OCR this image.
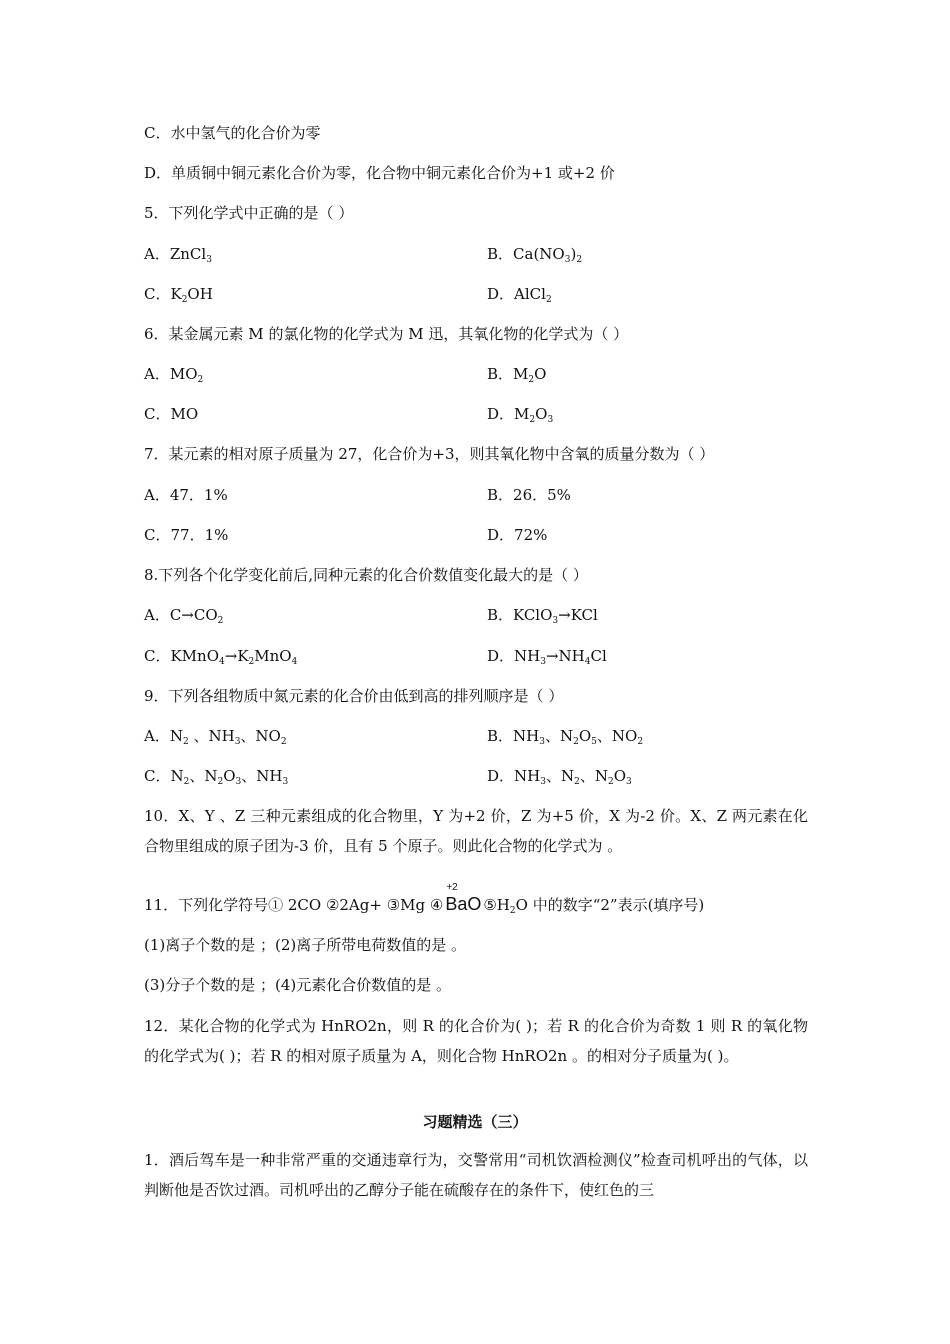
C．水中氢气的化合价为零
D．单质铜中铜元素化合价为零，化合物中铜元素化合价为+1 或+2 价
5．下列化学式中正确的是（ ）
A．ZnCl$_3$	B．$Ca(NO_3)_2$
C．$K_2OH$	D．AlCl$_2$
6．某金属元素 M 的氯化物的化学式为 M 迅，其氧化物的化学式为（ ）
A．$MO_2$	B．$M_2O$
C．MO	D．$M_2O_3$
7．某元素的相对原子质量为 27，化合价为+3，则其氧化物中含氧的质量分数为（ ）
A．47．1%	B．26．5%
C．77．1%	D．72%
8.下列各个化学变化前后,同种元素的化合价数值变化最大的是（ ）
A．$C\to CO_2$	B．KClO$_3$→KCl
C．$KMnO_4\to K_2MnO_4$	D．$NH_3\to NH_4Cl$
9．下列各组物质中氮元素的化合价由低到高的排列顺序是（ ）
A．$N_2$ 、$NH_3$、$NO_2$	B．$NH_3$、$N_2O_5$、$NO_2$
C．$N_2$、$N_2O_3$、$NH_3$	D．$NH_3$、$N_2$、$N_2O_3$
10．X、Y 、Z 三种元素组成的化合物里，Y 为+2 价，Z 为+5 价，X 为-2 价。X、Z 两元素在化合物里组成的原子团为-3 价，且有 5 个原子。则此化合物的化学式为 。
11．下列化学符号① 2CO ②2Ag+ ③Mg ④
+2
BaO $⑤H_2O$ 中的数字“2”表示(填序号)
(1)离子个数的是 ；(2)离子所带电荷数值的是 。
(3)分子个数的是 ；(4)元素化合价数值的是 。
12．某化合物的化学式为 HnRO2n，则 R 的化合价为( )；若 R 的化合价为奇数 1 则 R 的氧化物的化学式为( )；若 R 的相对原子质量为 A，则化合物 HnRO2n 。的相对分子质量为( )。
习题精选（三）
1．酒后驾车是一种非常严重的交通违章行为，交警常用“司机饮酒检测仪”检查司机呼出的气体，以判断他是否饮过酒。司机呼出的乙醇分子能在硫酸存在的条件下，使红色的三
